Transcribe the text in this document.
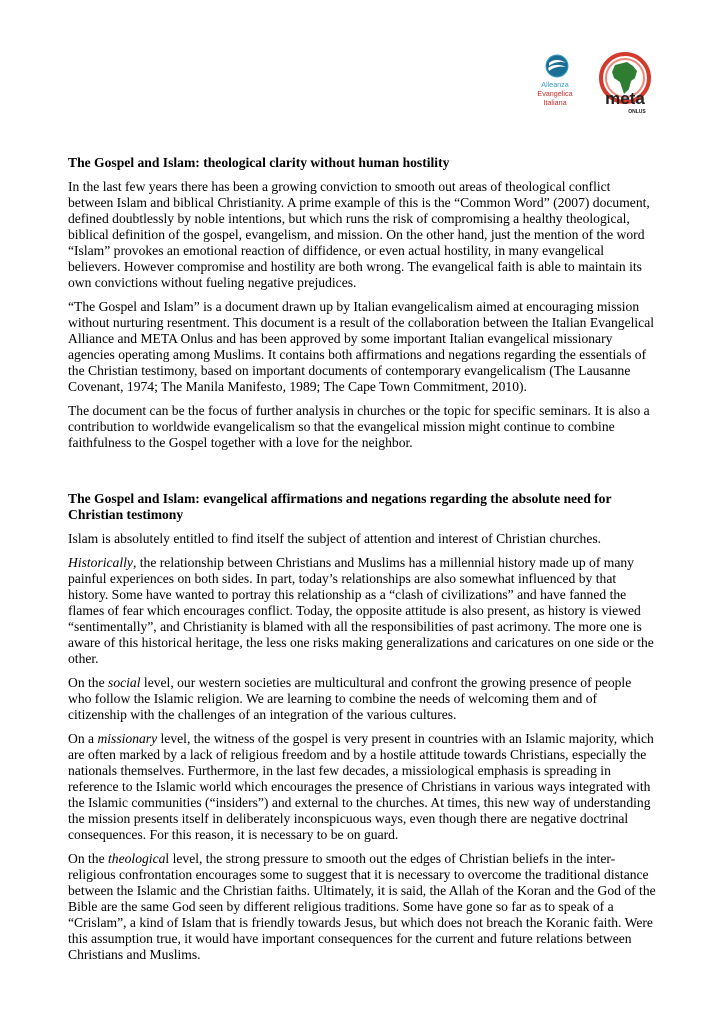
Alleanza
Evangelica
Italiana	meta
ONLUS
The Gospel and Islam: theological clarity without human hostility

In the last few years there has been a growing conviction to smooth out areas of theological conflict between Islam and biblical Christianity. A prime example of this is the “Common Word” (2007) document, defined doubtlessly by noble intentions, but which runs the risk of compromising a healthy theological, biblical definition of the gospel, evangelism, and mission. On the other hand, just the mention of the word “Islam” provokes an emotional reaction of diffidence, or even actual hostility, in many evangelical believers. However compromise and hostility are both wrong. The evangelical faith is able to maintain its own convictions without fueling negative prejudices.

“The Gospel and Islam” is a document drawn up by Italian evangelicalism aimed at encouraging mission without nurturing resentment. This document is a result of the collaboration between the Italian Evangelical Alliance and META Onlus and has been approved by some important Italian evangelical missionary agencies operating among Muslims. It contains both affirmations and negations regarding the essentials of the Christian testimony, based on important documents of contemporary evangelicalism (The Lausanne Covenant, 1974; The Manila Manifesto, 1989; The Cape Town Commitment, 2010).

The document can be the focus of further analysis in churches or the topic for specific seminars. It is also a contribution to worldwide evangelicalism so that the evangelical mission might continue to combine faithfulness to the Gospel together with a love for the neighbor.

The Gospel and Islam: evangelical affirmations and negations regarding the absolute need for Christian testimony

Islam is absolutely entitled to find itself the subject of attention and interest of Christian churches.

Historically, the relationship between Christians and Muslims has a millennial history made up of many painful experiences on both sides. In part, today’s relationships are also somewhat influenced by that history. Some have wanted to portray this relationship as a “clash of civilizations” and have fanned the flames of fear which encourages conflict. Today, the opposite attitude is also present, as history is viewed “sentimentally”, and Christianity is blamed with all the responsibilities of past acrimony. The more one is aware of this historical heritage, the less one risks making generalizations and caricatures on one side or the other.

On the social level, our western societies are multicultural and confront the growing presence of people who follow the Islamic religion. We are learning to combine the needs of welcoming them and of citizenship with the challenges of an integration of the various cultures.

On a missionary level, the witness of the gospel is very present in countries with an Islamic majority, which are often marked by a lack of religious freedom and by a hostile attitude towards Christians, especially the nationals themselves. Furthermore, in the last few decades, a missiological emphasis is spreading in reference to the Islamic world which encourages the presence of Christians in various ways integrated with the Islamic communities (“insiders”) and external to the churches. At times, this new way of understanding the mission presents itself in deliberately inconspicuous ways, even though there are negative doctrinal consequences. For this reason, it is necessary to be on guard.

On the theological level, the strong pressure to smooth out the edges of Christian beliefs in the inter-religious confrontation encourages some to suggest that it is necessary to overcome the traditional distance between the Islamic and the Christian faiths. Ultimately, it is said, the Allah of the Koran and the God of the Bible are the same God seen by different religious traditions. Some have gone so far as to speak of a “Crislam”, a kind of Islam that is friendly towards Jesus, but which does not breach the Koranic faith. Were this assumption true, it would have important consequences for the current and future relations between Christians and Muslims.
